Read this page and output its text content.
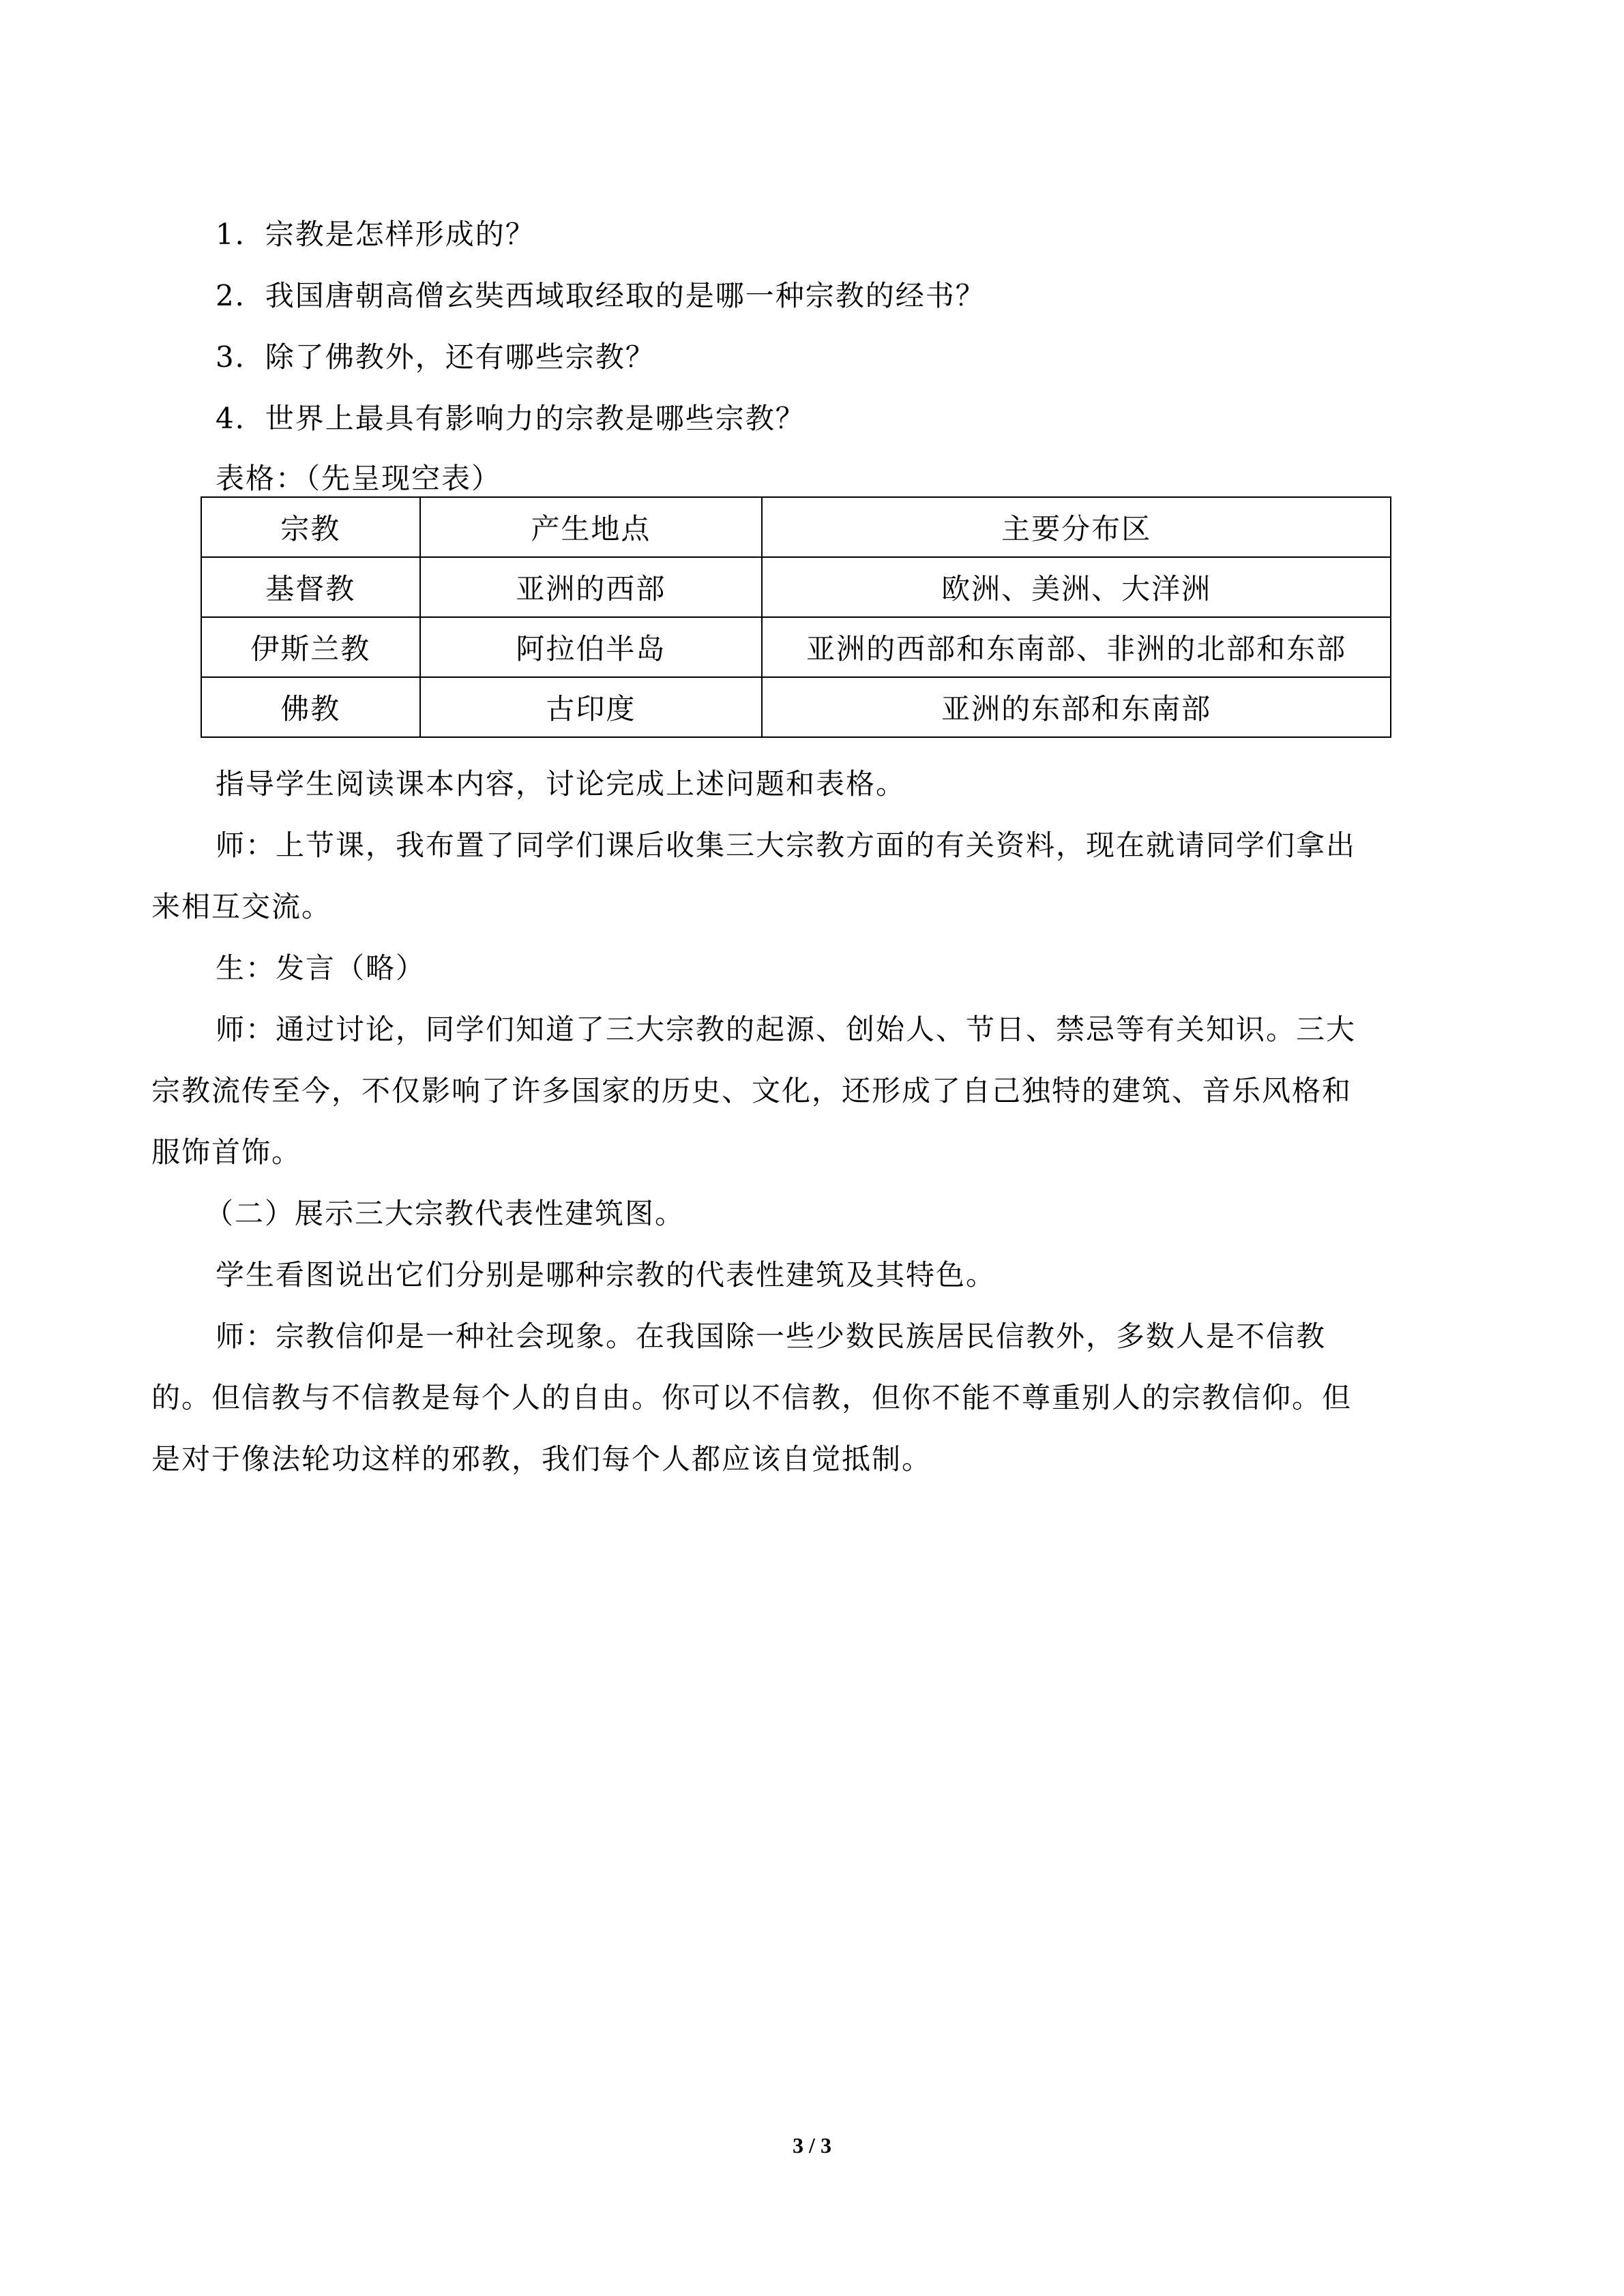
1．宗教是怎样形成的？
2．我国唐朝高僧玄奘西域取经取的是哪一种宗教的经书？
3．除了佛教外，还有哪些宗教？
4．世界上最具有影响力的宗教是哪些宗教？
表格：（先呈现空表）
宗教	产生地点	主要分布区
基督教	亚洲的西部	欧洲、美洲、大洋洲
伊斯兰教	阿拉伯半岛	亚洲的西部和东南部、非洲的北部和东部
佛教	古印度	亚洲的东部和东南部
指导学生阅读课本内容，讨论完成上述问题和表格。
师：上节课，我布置了同学们课后收集三大宗教方面的有关资料，现在就请同学们拿出
来相互交流。
生：发言（略）
师：通过讨论，同学们知道了三大宗教的起源、创始人、节日、禁忌等有关知识。三大
宗教流传至今，不仅影响了许多国家的历史、文化，还形成了自己独特的建筑、音乐风格和
服饰首饰。
（二）展示三大宗教代表性建筑图。
学生看图说出它们分别是哪种宗教的代表性建筑及其特色。
师：宗教信仰是一种社会现象。在我国除一些少数民族居民信教外，多数人是不信教
的。但信教与不信教是每个人的自由。你可以不信教，但你不能不尊重别人的宗教信仰。但
是对于像法轮功这样的邪教，我们每个人都应该自觉抵制。
3 / 3
